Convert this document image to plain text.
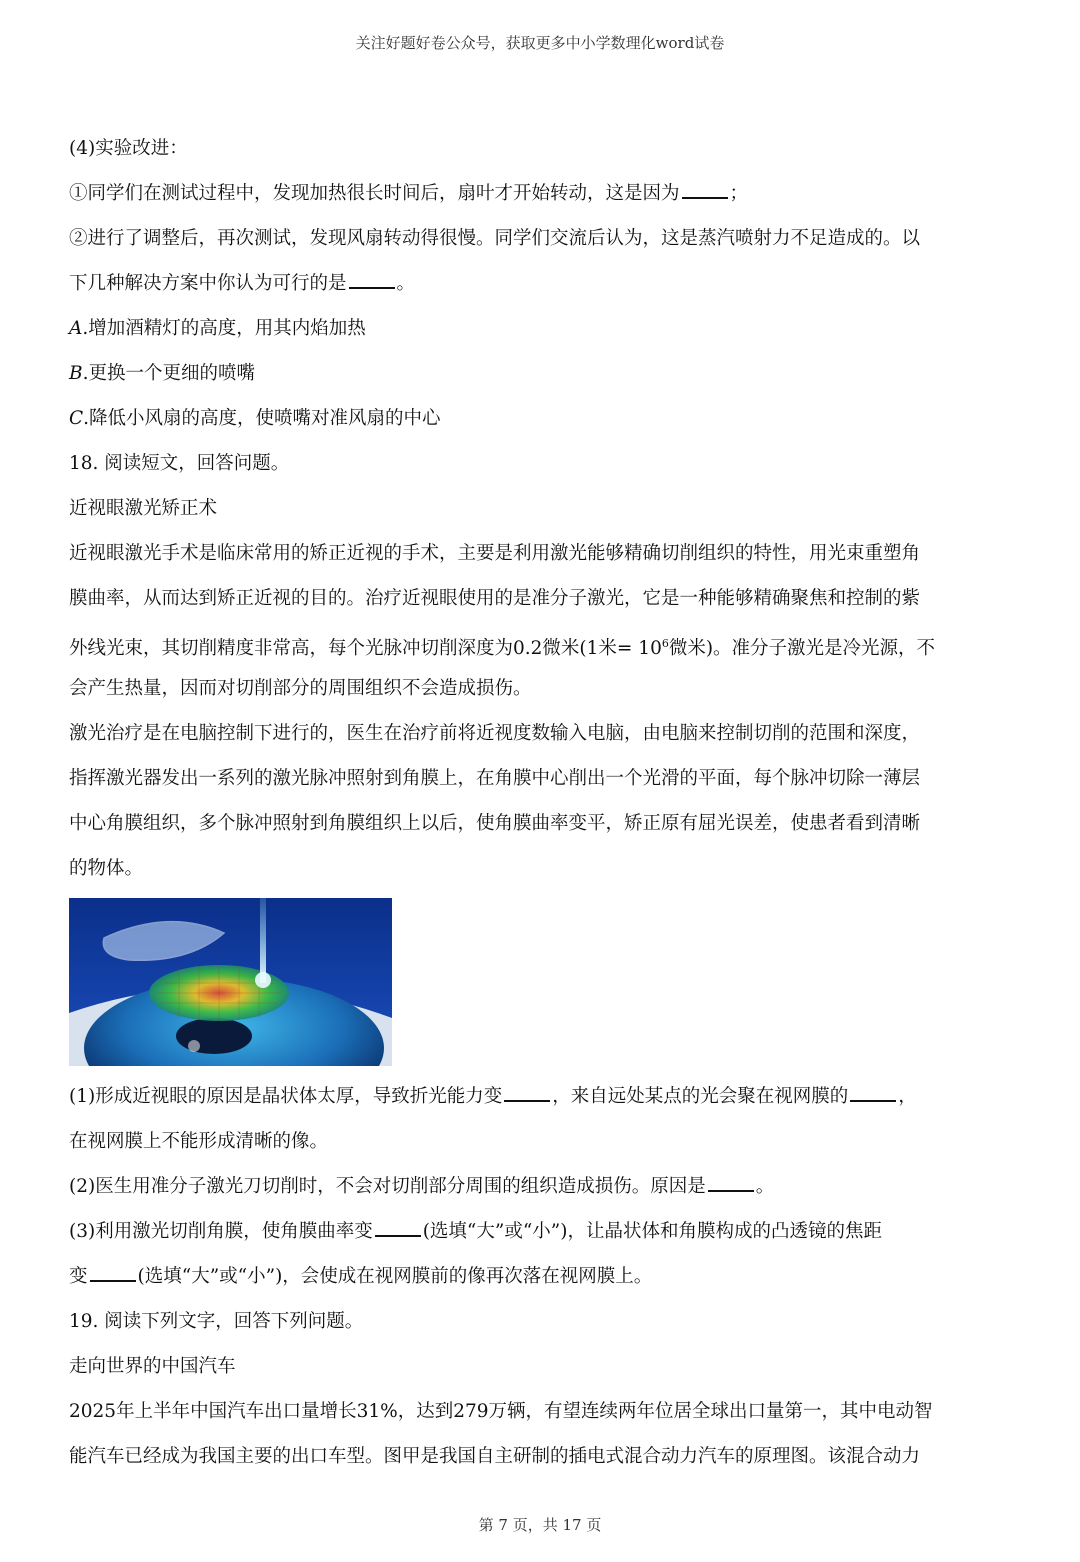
关注好题好卷公众号，获取更多中小学数理化word试卷
(4)实验改进：
①同学们在测试过程中，发现加热很长时间后，扇叶才开始转动，这是因为	；
②进行了调整后，再次测试，发现风扇转动得很慢。同学们交流后认为，这是蒸汽喷射力不足造成的。以
下几种解决方案中你认为可行的是	。
A.增加酒精灯的高度，用其内焰加热
B.更换一个更细的喷嘴
C.降低小风扇的高度，使喷嘴对准风扇的中心
18. 阅读短文，回答问题。
近视眼激光矫正术
近视眼激光手术是临床常用的矫正近视的手术，主要是利用激光能够精确切削组织的特性，用光束重塑角
膜曲率，从而达到矫正近视的目的。治疗近视眼使用的是准分子激光，它是一种能够精确聚焦和控制的紫
外线光束，其切削精度非常高，每个光脉冲切削深度为0.2微米(1米= $10^6$微米)。准分子激光是冷光源，不
会产生热量，因而对切削部分的周围组织不会造成损伤。
激光治疗是在电脑控制下进行的，医生在治疗前将近视度数输入电脑，由电脑来控制切削的范围和深度，
指挥激光器发出一系列的激光脉冲照射到角膜上，在角膜中心削出一个光滑的平面，每个脉冲切除一薄层
中心角膜组织，多个脉冲照射到角膜组织上以后，使角膜曲率变平，矫正原有屈光误差，使患者看到清晰
的物体。
(1)形成近视眼的原因是晶状体太厚，导致折光能力变	，来自远处某点的光会聚在视网膜的	，
在视网膜上不能形成清晰的像。
(2)医生用准分子激光刀切削时，不会对切削部分周围的组织造成损伤。原因是	。
(3)利用激光切削角膜，使角膜曲率变	(选填“大”或“小”)，让晶状体和角膜构成的凸透镜的焦距
变	(选填“大”或“小”)，会使成在视网膜前的像再次落在视网膜上。
19. 阅读下列文字，回答下列问题。
走向世界的中国汽车
2025年上半年中国汽车出口量增长31%，达到279万辆，有望连续两年位居全球出口量第一，其中电动智
能汽车已经成为我国主要的出口车型。图甲是我国自主研制的插电式混合动力汽车的原理图。该混合动力
第 7 页，共 17 页
